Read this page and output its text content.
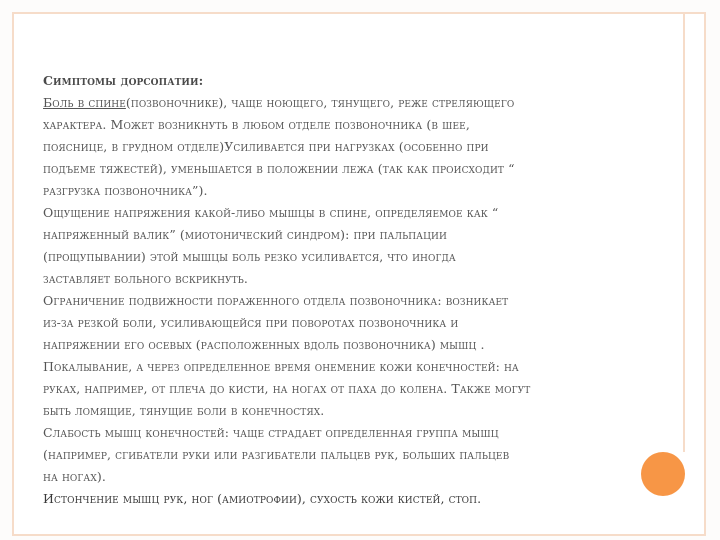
Симптомы дорсопатии:

Боль в спине(позвоночнике), чаще ноющего, тянущего, реже стреляющего
характера. Может возникнуть в любом отделе позвоночника (в шее,
пояснице, в грудном отделе)Усиливается при нагрузках (особенно при
подъеме тяжестей), уменьшается в положении лежа (так как происходит “
разгрузка позвоночника”).

Ощущение напряжения какой-либо мышцы в спине, определяемое как “
напряженный валик” (миотонический синдром): при пальпации
(прощупывании) этой мышцы боль резко усиливается, что иногда
заставляет больного вскрикнуть.

Ограничение подвижности пораженного отдела позвоночника: возникает
из-за резкой боли, усиливающейся при поворотах позвоночника и
напряжении его осевых (расположенных вдоль позвоночника) мышц .

Покалывание, а через определенное время онемение кожи конечностей: на
руках, например, от плеча до кисти, на ногах от паха до колена. Также могут
быть ломящие, тянущие боли в конечностях.

Слабость мышц конечностей: чаще страдает определенная группа мышц
(например, сгибатели руки или разгибатели пальцев рук, больших пальцев
на ногах).

Истончение мышц рук, ног (амиотрофии), сухость кожи кистей, стоп.
